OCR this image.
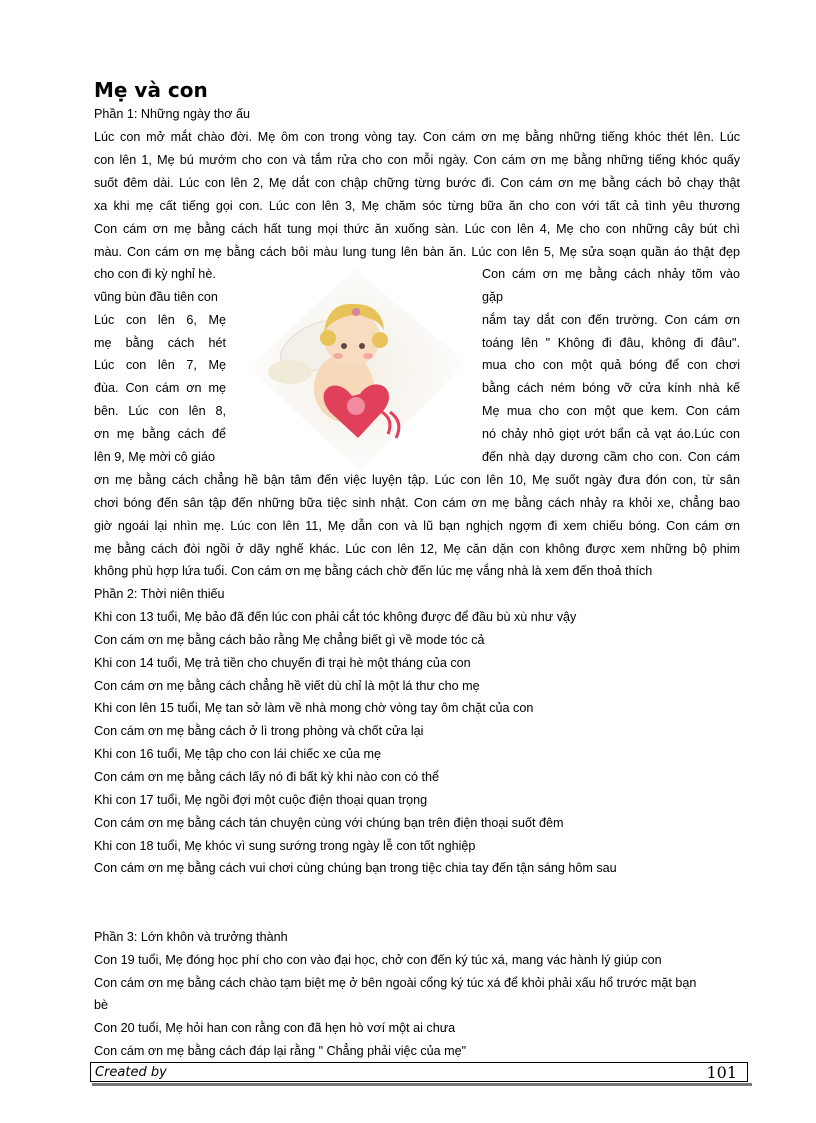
Mẹ và con
Phần 1: Những ngày thơ ấu
Lúc con mở mắt chào đời. Mẹ ôm con trong vòng tay. Con cám ơn mẹ bằng những tiếng khóc thét lên. Lúc
con lên 1, Mẹ bú mướm cho con và tắm rửa cho con mỗi ngày. Con cám ơn mẹ bằng những tiếng khóc quấy
suốt đêm dài. Lúc con lên 2, Mẹ dắt con chập chững từng bước đi. Con cám ơn mẹ bằng cách bỏ chạy thật
xa khi mẹ cất tiếng gọi con. Lúc con lên 3, Mẹ chăm sóc từng bữa ăn cho con với tất cả tình yêu thương
Con cám ơn mẹ bằng cách hất tung mọi thức ăn xuống sàn. Lúc con lên 4, Mẹ cho con những cây bút chì
màu. Con cám ơn mẹ bằng cách bôi màu lung tung lên bàn ăn. Lúc con lên 5, Mẹ sửa soạn quần áo thật đẹp
cho con đi kỳ nghỉ hè.
vũng bùn đầu tiên con
Lúc con lên 6, Mẹ
mẹ bằng cách hét
Lúc con lên 7, Mẹ
đùa. Con cám ơn mẹ
bên. Lúc con lên 8,
ơn mẹ bằng cách để
lên 9, Mẹ mời cô giáo
Con cám ơn mẹ bằng cách nhảy tõm vào
gặp
nắm tay dắt con đến trường. Con cám ơn
toáng lên " Không đi đâu, không đi đâu".
mua cho con một quả bóng để con chơi
bằng cách ném bóng vỡ cửa kính nhà kế
Mẹ mua cho con một que kem. Con cám
nó chảy nhỏ giọt ướt bẩn cả vạt áo.Lúc con
đến nhà dạy dương cầm cho con. Con cám
ơn mẹ bằng cách chẳng hề bận tâm đến việc luyện tập. Lúc con lên 10, Mẹ suốt ngày đưa đón con, từ sân
chơi bóng đến sân tập đến những bữa tiệc sinh nhật. Con cám ơn mẹ bằng cách nhảy ra khỏi xe, chẳng bao
giờ ngoái lại nhìn mẹ. Lúc con lên 11, Mẹ dẫn con và lũ bạn nghịch ngợm đi xem chiếu bóng. Con cám ơn
mẹ bằng cách đòi ngồi ở dãy nghế khác. Lúc con lên 12, Mẹ căn dặn con không được xem những bộ phim
không phù hợp lứa tuổi. Con cám ơn mẹ bằng cách chờ đến lúc mẹ vắng nhà là xem đến thoả thích
Phần 2: Thời niên thiếu
Khi con 13 tuổi, Mẹ bảo đã đến lúc con phải cắt tóc không được để đầu bù xù như vậy
Con cám ơn mẹ bằng cách bảo rằng Mẹ chẳng biết gì về mode tóc cả
Khi con 14 tuổi, Mẹ trả tiền cho chuyến đi trại hè một tháng của con
Con cám ơn mẹ bằng cách chẳng hề viết dù chỉ là một lá thư cho mẹ
Khi con lên 15 tuổi, Mẹ tan sở làm về nhà mong chờ vòng tay ôm chặt của con
Con cám ơn mẹ bằng cách ở lì trong phòng và chốt cửa lại
Khi con 16 tuổi, Mẹ tập cho con lái chiếc xe của mẹ
Con cám ơn mẹ bằng cách lấy nó đi bất kỳ khi nào con có thể
Khi con 17 tuổi, Mẹ ngồi đợi một cuộc điện thoại quan trọng
Con cám ơn mẹ bằng cách tán chuyện cùng với chúng bạn trên điện thoại suốt đêm
Khi con 18 tuổi, Mẹ khóc vì sung sướng trong ngày lễ con tốt nghiệp
Con cám ơn mẹ bằng cách vui chơi cùng chúng bạn trong tiệc chia tay đến tận sáng hôm sau
Phần 3: Lớn khôn và trưởng thành
Con 19 tuổi, Mẹ đóng học phí cho con vào đại học, chở con đến ký túc xá, mang vác hành lý giúp con
Con cám ơn mẹ bằng cách chào tạm biệt mẹ ở bên ngoài cổng ký túc xá để khỏi phải xấu hổ trước mặt bạn
bè
Con 20 tuổi, Mẹ hỏi han con rằng con đã hẹn hò vơí một ai chưa
Con cám ơn mẹ bằng cách đáp lại rằng " Chẳng phải việc của mẹ"
Created by	101
